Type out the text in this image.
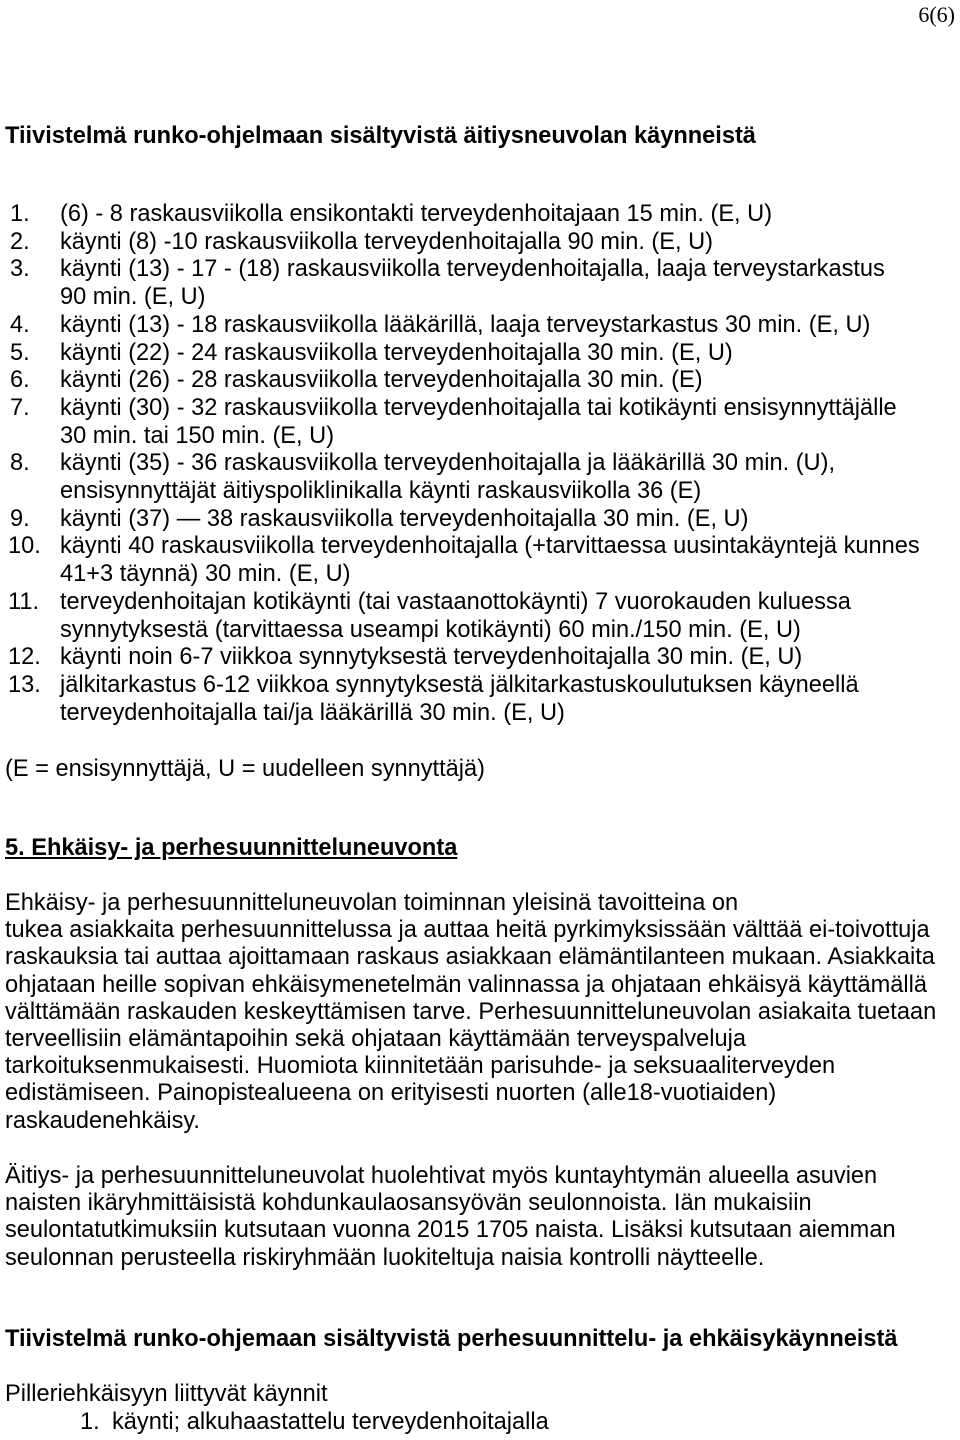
6(6)
Tiivistelmä runko-ohjelmaan sisältyvistä äitiysneuvolan käynneistä
1. (6) - 8 raskausviikolla ensikontakti terveydenhoitajaan 15 min. (E, U)
2. käynti (8) -10 raskausviikolla terveydenhoitajalla 90 min. (E, U)
3. käynti (13) - 17 - (18) raskausviikolla terveydenhoitajalla, laaja terveystarkastus
90 min. (E, U)
4. käynti (13) - 18 raskausviikolla lääkärillä, laaja terveystarkastus 30 min. (E, U)
5. käynti (22) - 24 raskausviikolla terveydenhoitajalla 30 min. (E, U)
6. käynti (26) - 28 raskausviikolla terveydenhoitajalla 30 min. (E)
7. käynti (30) - 32 raskausviikolla terveydenhoitajalla tai kotikäynti ensisynnyttäjälle
30 min. tai 150 min. (E, U)
8. käynti (35) - 36 raskausviikolla terveydenhoitajalla ja lääkärillä 30 min. (U),
ensisynnyttäjät äitiyspoliklinikalla käynti raskausviikolla 36 (E)
9. käynti (37) — 38 raskausviikolla terveydenhoitajalla 30 min. (E, U)
10. käynti 40 raskausviikolla terveydenhoitajalla (+tarvittaessa uusintakäyntejä kunnes
41+3 täynnä) 30 min. (E, U)
11. terveydenhoitajan kotikäynti (tai vastaanottokäynti) 7 vuorokauden kuluessa
synnytyksestä (tarvittaessa useampi kotikäynti) 60 min./150 min. (E, U)
12. käynti noin 6-7 viikkoa synnytyksestä terveydenhoitajalla 30 min. (E, U)
13. jälkitarkastus 6-12 viikkoa synnytyksestä jälkitarkastuskoulutuksen käyneellä
terveydenhoitajalla tai/ja lääkärillä 30 min. (E, U)
(E = ensisynnyttäjä, U = uudelleen synnyttäjä)
5. Ehkäisy- ja perhesuunnitteluneuvonta
Ehkäisy- ja perhesuunnitteluneuvolan toiminnan yleisinä tavoitteina on
tukea asiakkaita perhesuunnittelussa ja auttaa heitä pyrkimyksissään välttää ei-toivottuja
raskauksia tai auttaa ajoittamaan raskaus asiakkaan elämäntilanteen mukaan. Asiakkaita
ohjataan heille sopivan ehkäisymenetelmän valinnassa ja ohjataan ehkäisyä käyttämällä
välttämään raskauden keskeyttämisen tarve. Perhesuunnitteluneuvolan asiakaita tuetaan
terveellisiin elämäntapoihin sekä ohjataan käyttämään terveyspalveluja
tarkoituksenmukaisesti. Huomiota kiinnitetään parisuhde- ja seksuaaliterveyden
edistämiseen. Painopistealueena on erityisesti nuorten (alle18-vuotiaiden)
raskaudenehkäisy.
Äitiys- ja perhesuunnitteluneuvolat huolehtivat myös kuntayhtymän alueella asuvien
naisten ikäryhmittäisistä kohdunkaulaosansyövän seulonnoista. Iän mukaisiin
seulontatutkimuksiin kutsutaan vuonna 2015 1705 naista. Lisäksi kutsutaan aiemman
seulonnan perusteella riskiryhmään luokiteltuja naisia kontrolli näytteelle.
Tiivistelmä runko-ohjemaan sisältyvistä perhesuunnittelu- ja ehkäisykäynneistä
Pilleriehkäisyyn liittyvät käynnit
1. käynti; alkuhaastattelu terveydenhoitajalla
